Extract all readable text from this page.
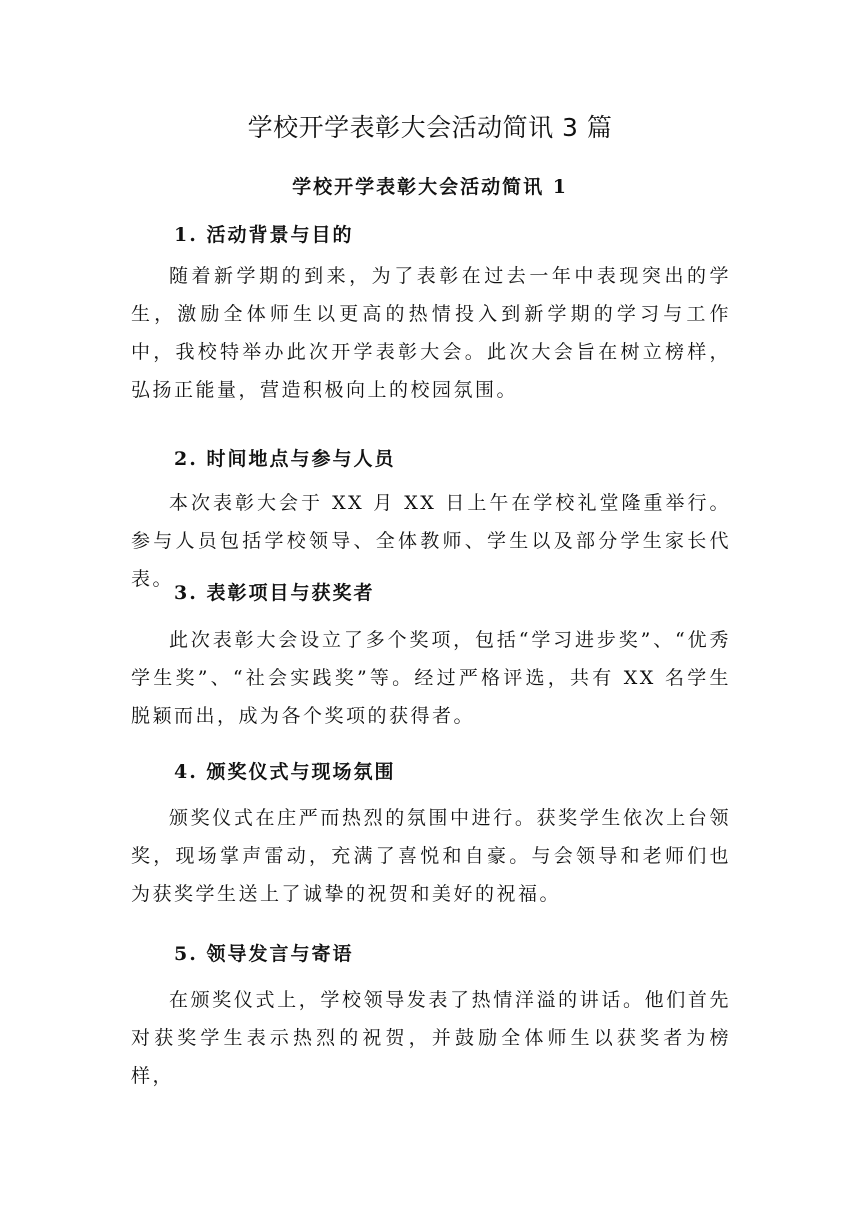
学校开学表彰大会活动简讯 3 篇
学校开学表彰大会活动简讯 1
1. 活动背景与目的

随着新学期的到来，为了表彰在过去一年中表现突出的学生，激励全体师生以更高的热情投入到新学期的学习与工作中，我校特举办此次开学表彰大会。此次大会旨在树立榜样，弘扬正能量，营造积极向上的校园氛围。

2. 时间地点与参与人员

本次表彰大会于 XX 月 XX 日上午在学校礼堂隆重举行。参与人员包括学校领导、全体教师、学生以及部分学生家长代表。

3. 表彰项目与获奖者

此次表彰大会设立了多个奖项，包括“学习进步奖”、“优秀学生奖”、“社会实践奖”等。经过严格评选，共有 XX 名学生脱颖而出，成为各个奖项的获得者。

4. 颁奖仪式与现场氛围

颁奖仪式在庄严而热烈的氛围中进行。获奖学生依次上台领奖，现场掌声雷动，充满了喜悦和自豪。与会领导和老师们也为获奖学生送上了诚挚的祝贺和美好的祝福。

5. 领导发言与寄语

在颁奖仪式上，学校领导发表了热情洋溢的讲话。他们首先对获奖学生表示热烈的祝贺，并鼓励全体师生以获奖者为榜样，
